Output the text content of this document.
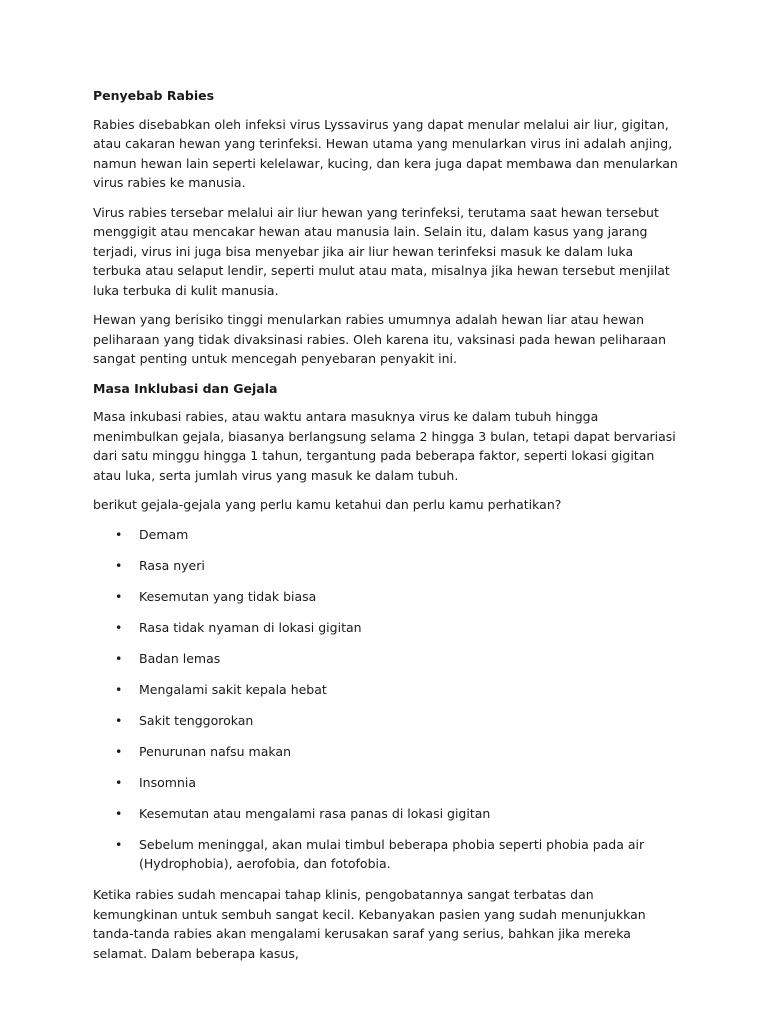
Penyebab Rabies

Rabies disebabkan oleh infeksi virus Lyssavirus yang dapat menular melalui air liur, gigitan, atau cakaran hewan yang terinfeksi. Hewan utama yang menularkan virus ini adalah anjing, namun hewan lain seperti kelelawar, kucing, dan kera juga dapat membawa dan menularkan virus rabies ke manusia.

Virus rabies tersebar melalui air liur hewan yang terinfeksi, terutama saat hewan tersebut menggigit atau mencakar hewan atau manusia lain. Selain itu, dalam kasus yang jarang terjadi, virus ini juga bisa menyebar jika air liur hewan terinfeksi masuk ke dalam luka terbuka atau selaput lendir, seperti mulut atau mata, misalnya jika hewan tersebut menjilat luka terbuka di kulit manusia.

Hewan yang berisiko tinggi menularkan rabies umumnya adalah hewan liar atau hewan peliharaan yang tidak divaksinasi rabies. Oleh karena itu, vaksinasi pada hewan peliharaan sangat penting untuk mencegah penyebaran penyakit ini.

Masa Inklubasi dan Gejala

Masa inkubasi rabies, atau waktu antara masuknya virus ke dalam tubuh hingga menimbulkan gejala, biasanya berlangsung selama 2 hingga 3 bulan, tetapi dapat bervariasi dari satu minggu hingga 1 tahun, tergantung pada beberapa faktor, seperti lokasi gigitan atau luka, serta jumlah virus yang masuk ke dalam tubuh.

berikut gejala-gejala yang perlu kamu ketahui dan perlu kamu perhatikan?

• Demam
• Rasa nyeri
• Kesemutan yang tidak biasa
• Rasa tidak nyaman di lokasi gigitan
• Badan lemas
• Mengalami sakit kepala hebat
• Sakit tenggorokan
• Penurunan nafsu makan
• Insomnia
• Kesemutan atau mengalami rasa panas di lokasi gigitan
• Sebelum meninggal, akan mulai timbul beberapa phobia seperti phobia pada air (Hydrophobia), aerofobia, dan fotofobia.

Ketika rabies sudah mencapai tahap klinis, pengobatannya sangat terbatas dan kemungkinan untuk sembuh sangat kecil. Kebanyakan pasien yang sudah menunjukkan tanda-tanda rabies akan mengalami kerusakan saraf yang serius, bahkan jika mereka selamat. Dalam beberapa kasus,
